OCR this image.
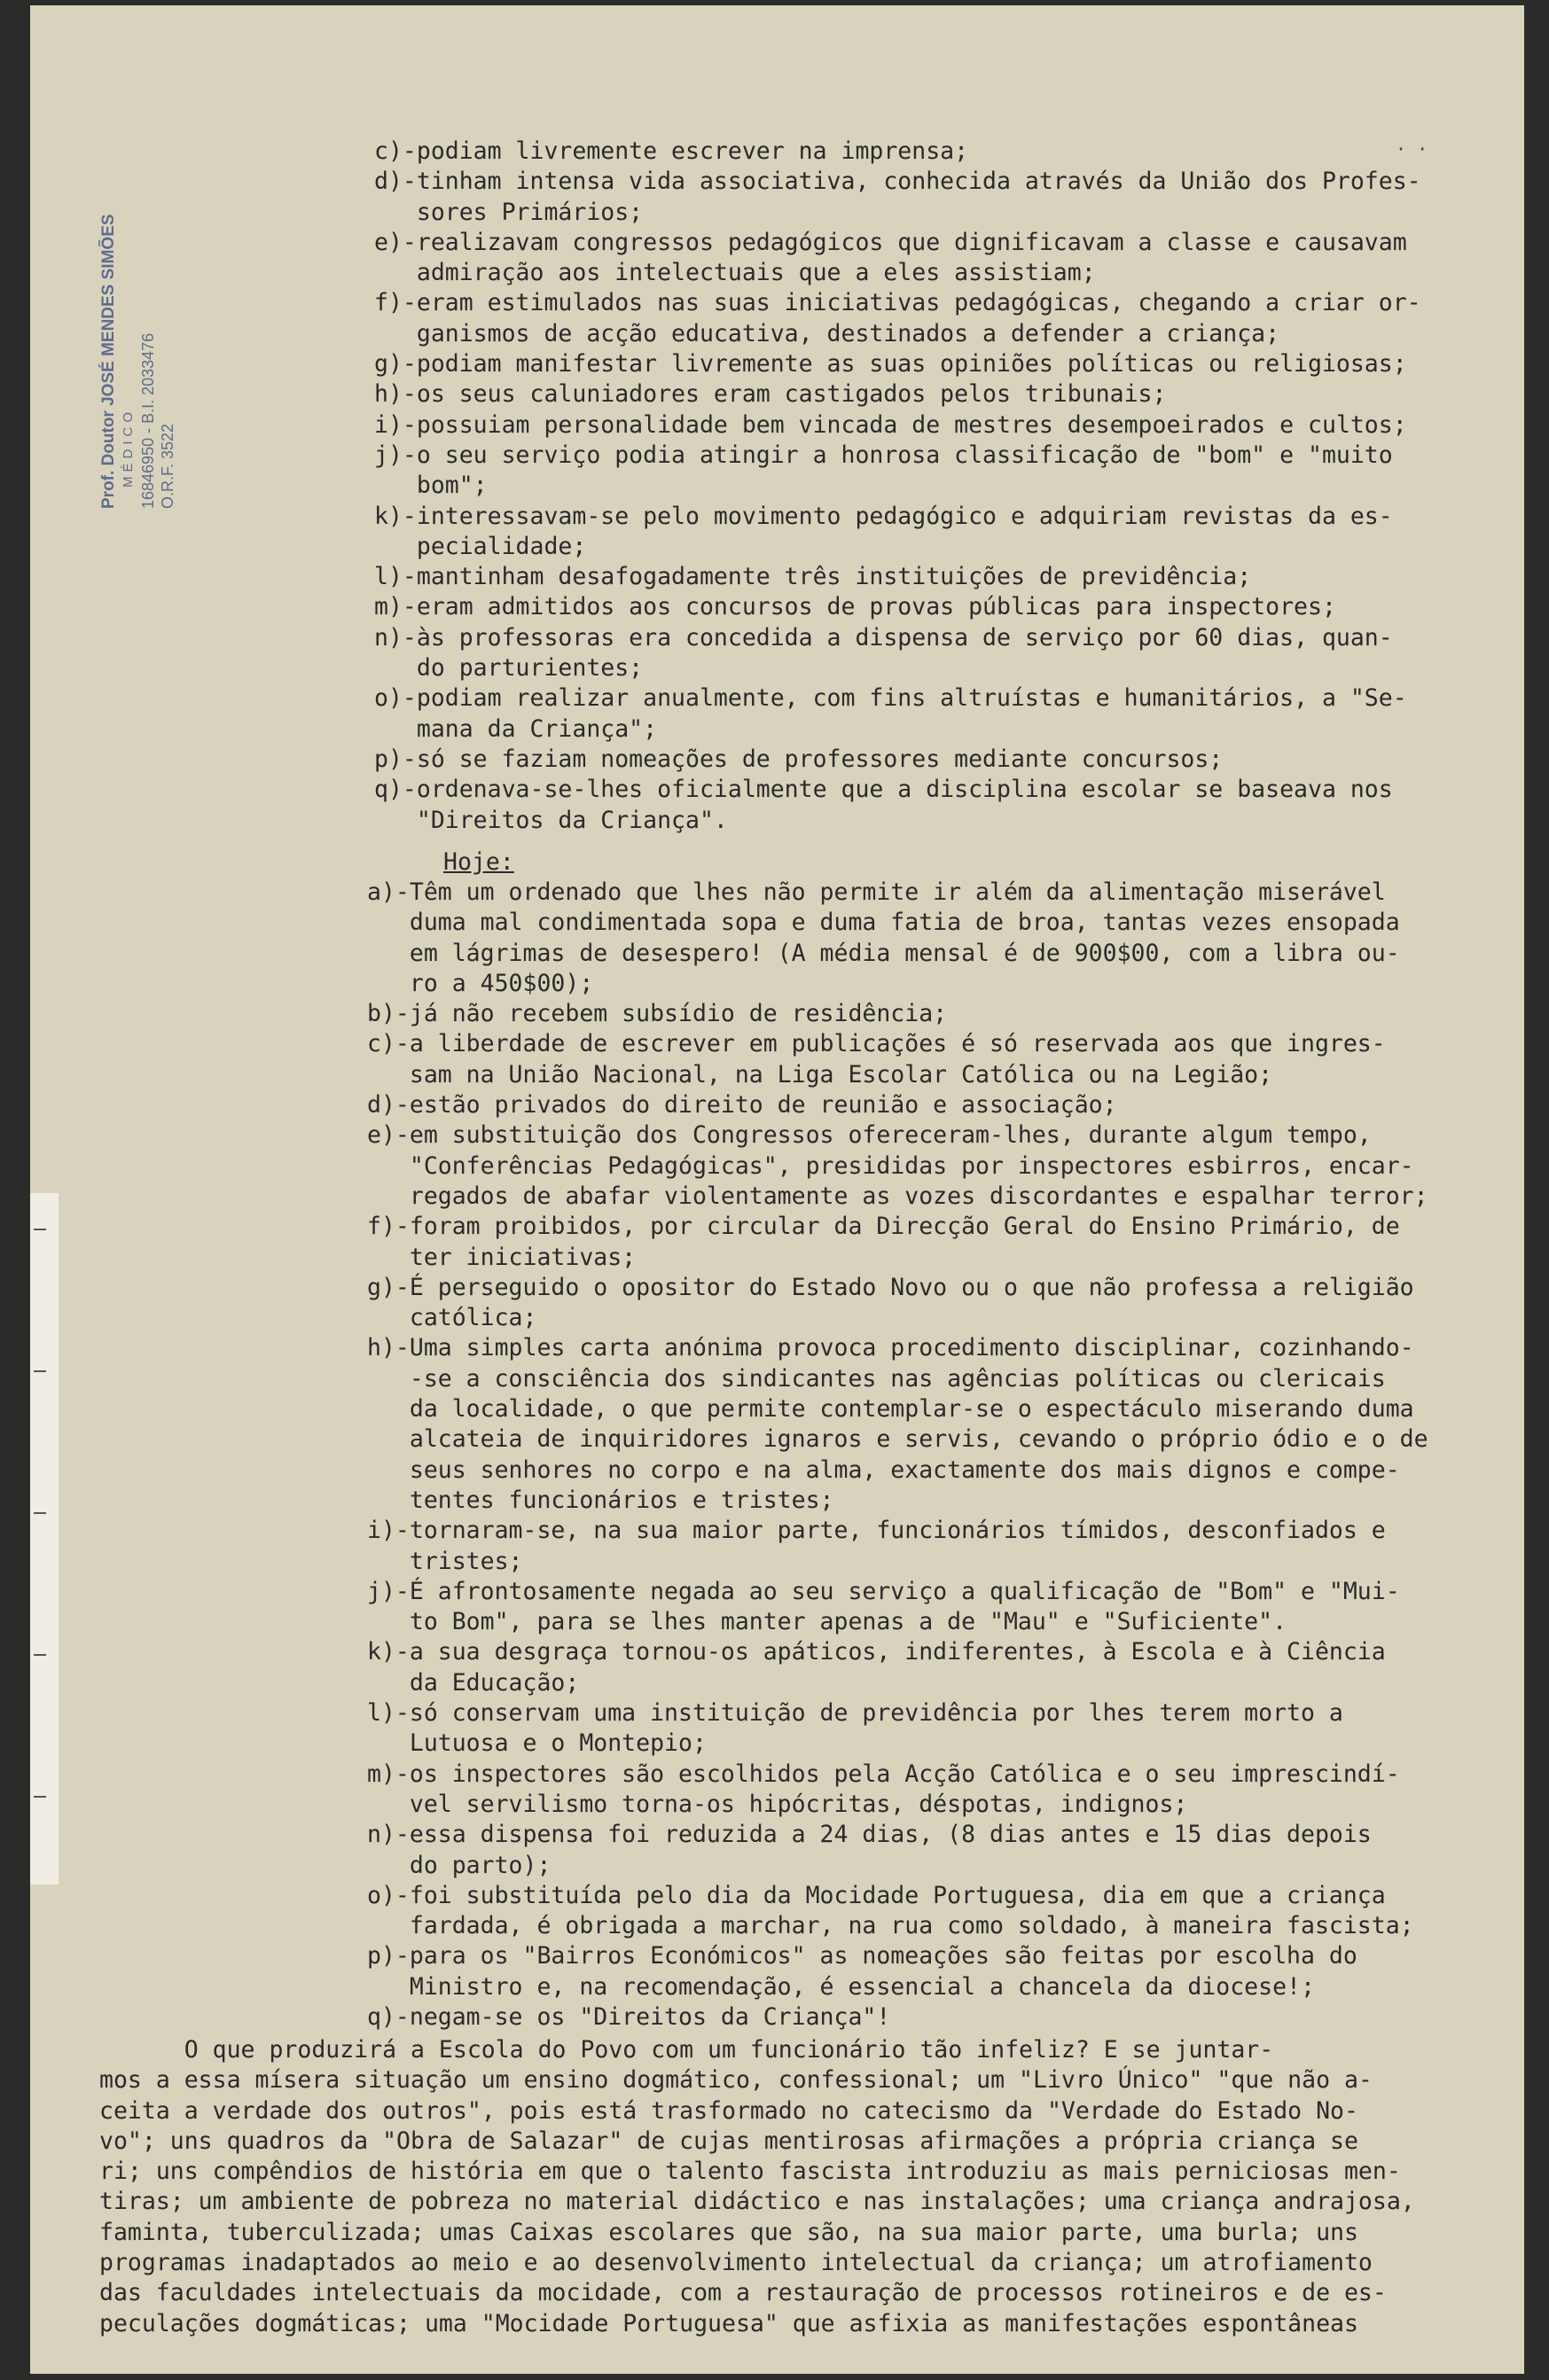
Prof. Doutor JOSÉ MENDES SIMÕES MÉDICO 16846950 - B.I. 2033476 O.R.F. 3522
· ·
c)-podiam livremente escrever na imprensa;
d)-tinham intensa vida associativa, conhecida através da União dos Profes-
sores Primários;
e)-realizavam congressos pedagógicos que dignificavam a classe e causavam
admiração aos intelectuais que a eles assistiam;
f)-eram estimulados nas suas iniciativas pedagógicas, chegando a criar or-
ganismos de acção educativa, destinados a defender a criança;
g)-podiam manifestar livremente as suas opiniões políticas ou religiosas;
h)-os seus caluniadores eram castigados pelos tribunais;
i)-possuiam personalidade bem vincada de mestres desempoeirados e cultos;
j)-o seu serviço podia atingir a honrosa classificação de "bom" e "muito
bom";
k)-interessavam-se pelo movimento pedagógico e adquiriam revistas da es-
pecialidade;
l)-mantinham desafogadamente três instituições de previdência;
m)-eram admitidos aos concursos de provas públicas para inspectores;
n)-às professoras era concedida a dispensa de serviço por 60 dias, quan-
do parturientes;
o)-podiam realizar anualmente, com fins altruístas e humanitários, a "Se-
mana da Criança";
p)-só se faziam nomeações de professores mediante concursos;
q)-ordenava-se-lhes oficialmente que a disciplina escolar se baseava nos
"Direitos da Criança".
Hoje:
a)-Têm um ordenado que lhes não permite ir além da alimentação miserável
duma mal condimentada sopa e duma fatia de broa, tantas vezes ensopada
em lágrimas de desespero! (A média mensal é de 900$00, com a libra ou-
ro a 450$00);
b)-já não recebem subsídio de residência;
c)-a liberdade de escrever em publicações é só reservada aos que ingres-
sam na União Nacional, na Liga Escolar Católica ou na Legião;
d)-estão privados do direito de reunião e associação;
e)-em substituição dos Congressos ofereceram-lhes, durante algum tempo,
"Conferências Pedagógicas", presididas por inspectores esbirros, encar-
regados de abafar violentamente as vozes discordantes e espalhar terror;
f)-foram proibidos, por circular da Direcção Geral do Ensino Primário, de
ter iniciativas;
g)-É perseguido o opositor do Estado Novo ou o que não professa a religião
católica;
h)-Uma simples carta anónima provoca procedimento disciplinar, cozinhando-
-se a consciência dos sindicantes nas agências políticas ou clericais
da localidade, o que permite contemplar-se o espectáculo miserando duma
alcateia de inquiridores ignaros e servis, cevando o próprio ódio e o de
seus senhores no corpo e na alma, exactamente dos mais dignos e compe-
tentes funcionários e tristes;
i)-tornaram-se, na sua maior parte, funcionários tímidos, desconfiados e
tristes;
j)-É afrontosamente negada ao seu serviço a qualificação de "Bom" e "Mui-
to Bom", para se lhes manter apenas a de "Mau" e "Suficiente".
k)-a sua desgraça tornou-os apáticos, indiferentes, à Escola e à Ciência
da Educação;
l)-só conservam uma instituição de previdência por lhes terem morto a
Lutuosa e o Montepio;
m)-os inspectores são escolhidos pela Acção Católica e o seu imprescindí-
vel servilismo torna-os hipócritas, déspotas, indignos;
n)-essa dispensa foi reduzida a 24 dias, (8 dias antes e 15 dias depois
do parto);
o)-foi substituída pelo dia da Mocidade Portuguesa, dia em que a criança
fardada, é obrigada a marchar, na rua como soldado, à maneira fascista;
p)-para os "Bairros Económicos" as nomeações são feitas por escolha do
Ministro e, na recomendação, é essencial a chancela da diocese!;
q)-negam-se os "Direitos da Criança"!
O que produzirá a Escola do Povo com um funcionário tão infeliz? E se juntar-
mos a essa mísera situação um ensino dogmático, confessional; um "Livro Único" "que não a-
ceita a verdade dos outros", pois está trasformado no catecismo da "Verdade do Estado No-
vo"; uns quadros da "Obra de Salazar" de cujas mentirosas afirmações a própria criança se
ri; uns compêndios de história em que o talento fascista introduziu as mais perniciosas men-
tiras; um ambiente de pobreza no material didáctico e nas instalações; uma criança andrajosa,
faminta, tuberculizada; umas Caixas escolares que são, na sua maior parte, uma burla; uns
programas inadaptados ao meio e ao desenvolvimento intelectual da criança; um atrofiamento
das faculdades intelectuais da mocidade, com a restauração de processos rotineiros e de es-
peculações dogmáticas; uma "Mocidade Portuguesa" que asfixia as manifestações espontâneas
